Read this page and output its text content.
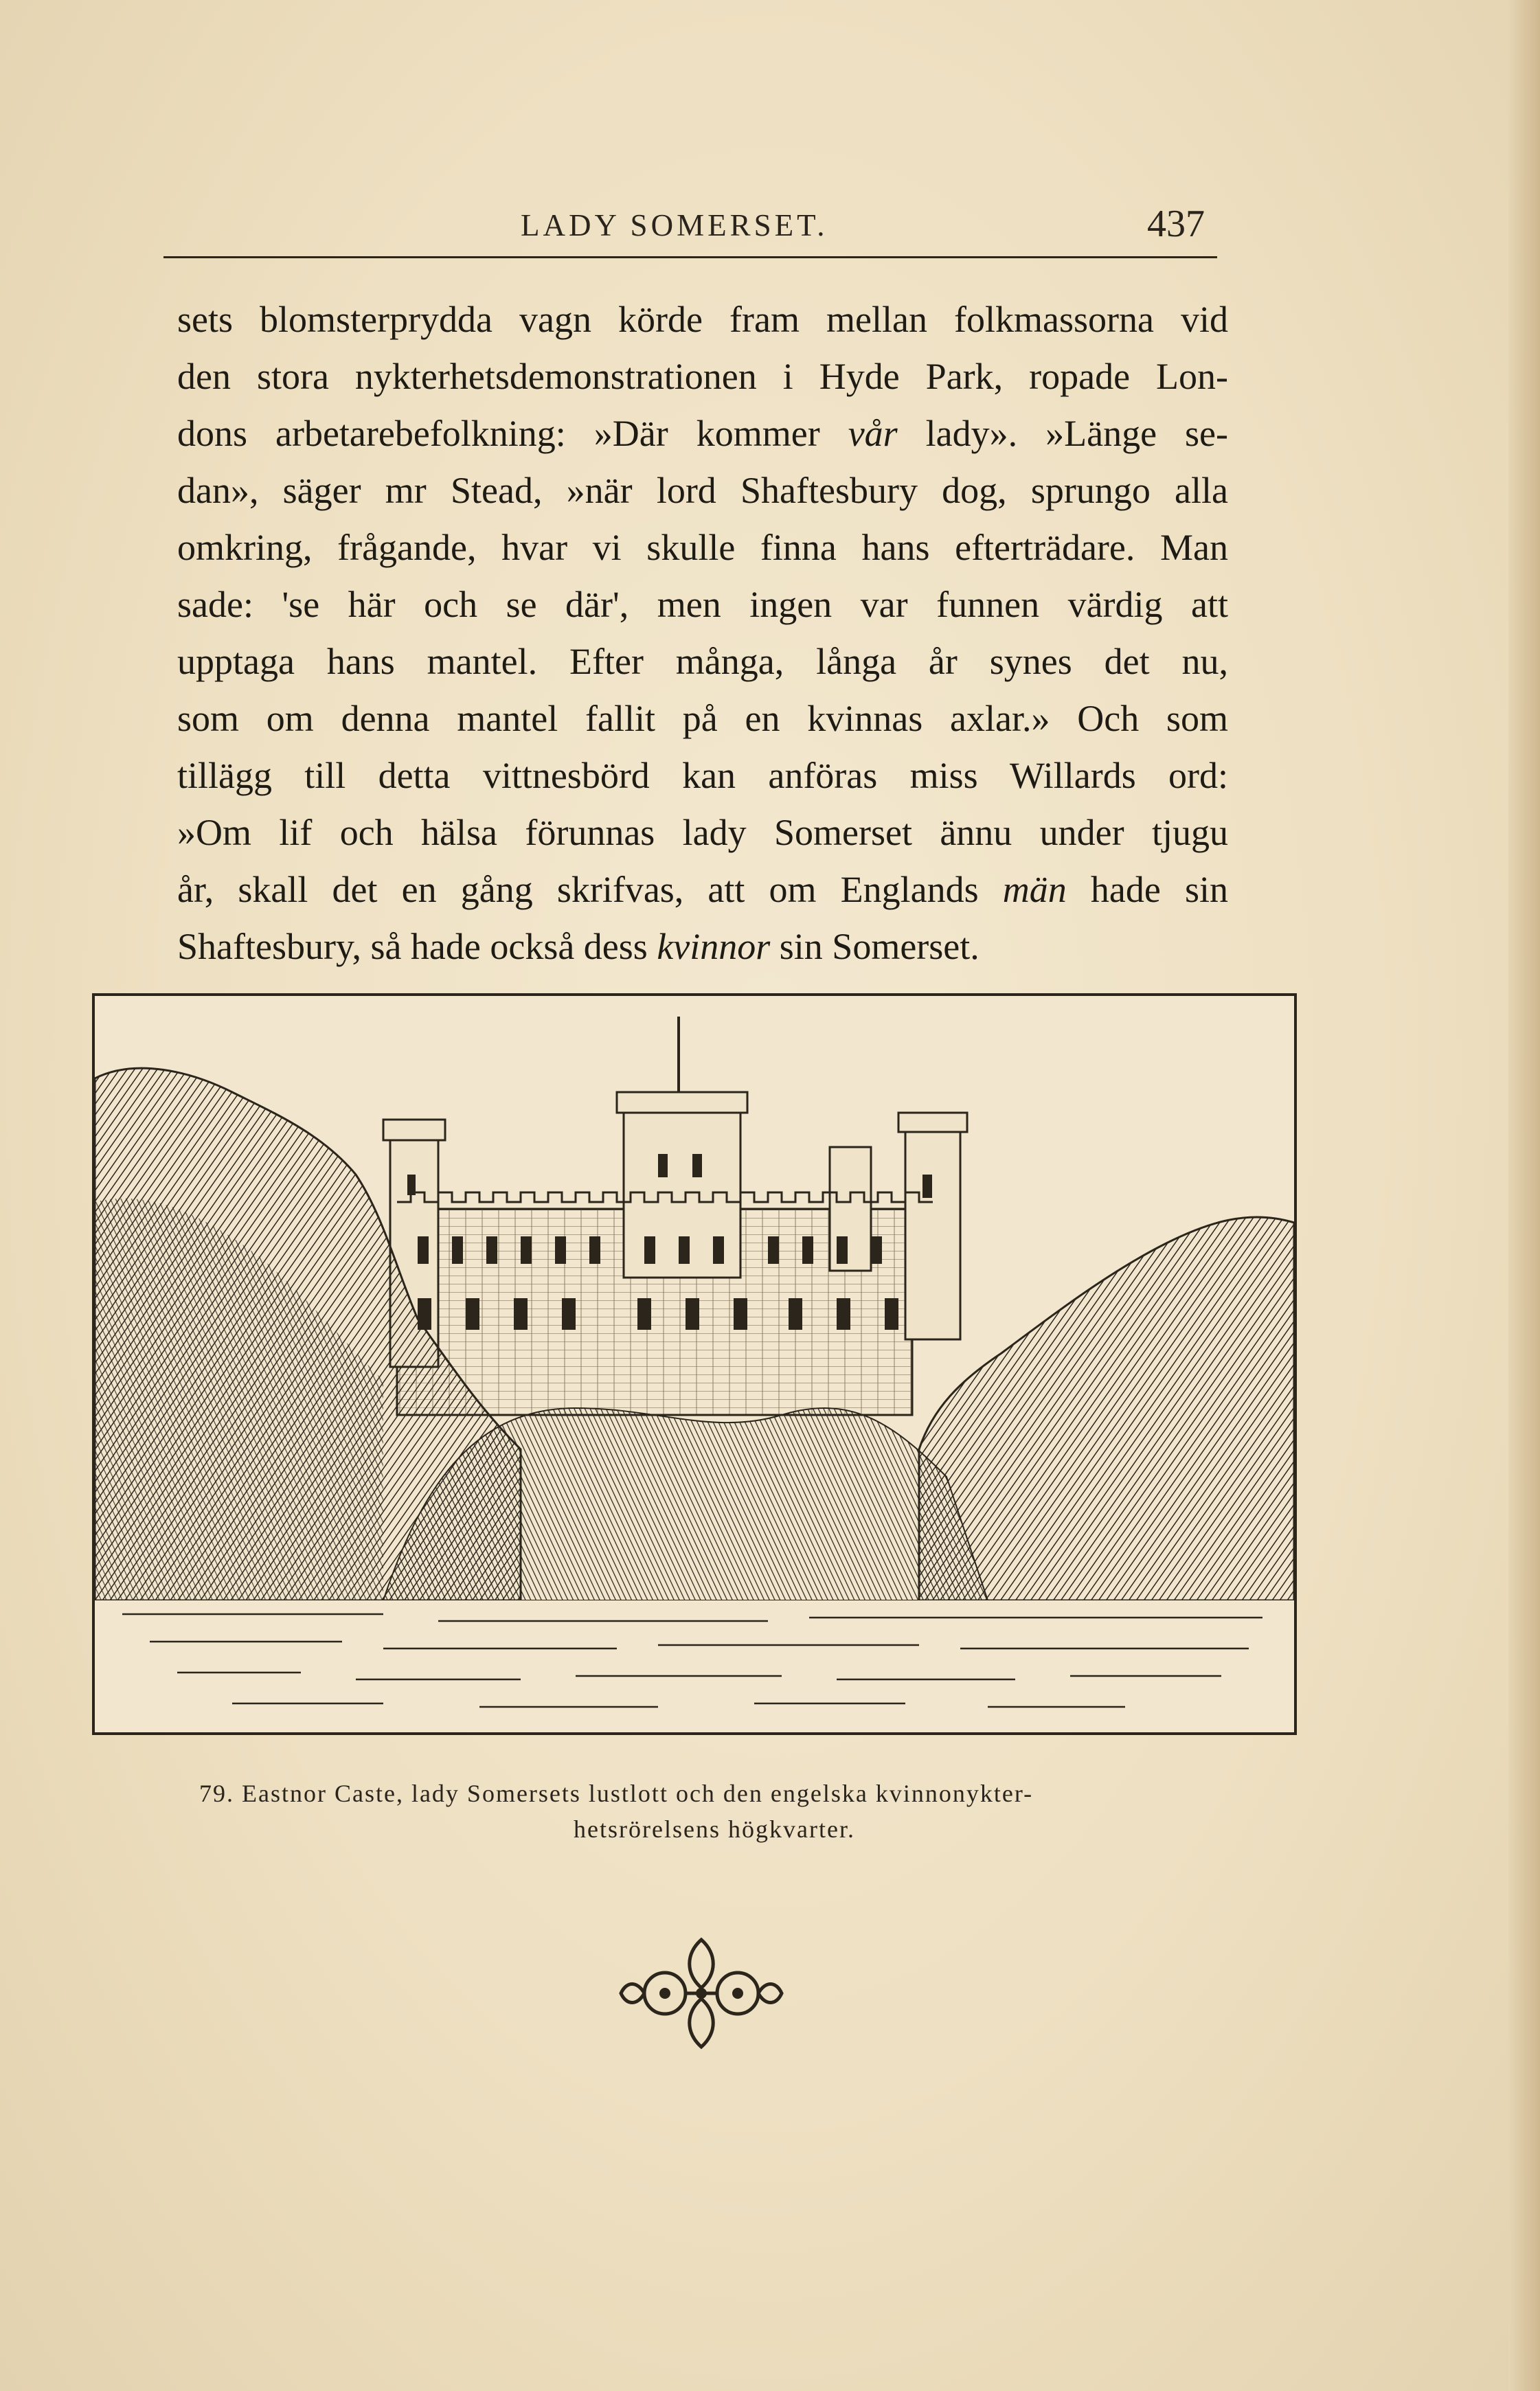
LADY SOMERSET.	437
sets blomsterprydda vagn körde fram mellan folkmassorna vid
den stora nykterhetsdemonstrationen i Hyde Park, ropade Lon-
dons arbetarebefolkning: »Där kommer vår lady». »Länge se-
dan», säger mr Stead, »när lord Shaftesbury dog, sprungo alla
omkring, frågande, hvar vi skulle finna hans efterträdare. Man
sade: 'se här och se där', men ingen var funnen värdig att
upptaga hans mantel. Efter många, långa år synes det nu,
som om denna mantel fallit på en kvinnas axlar.» Och som
tillägg till detta vittnesbörd kan anföras miss Willards ord:
»Om lif och hälsa förunnas lady Somerset ännu under tjugu
år, skall det en gång skrifvas, att om Englands män hade sin
Shaftesbury, så hade också dess kvinnor sin Somerset.
79. Eastnor Caste, lady Somersets lustlott och den engelska kvinnonykter-
hetsrörelsens högkvarter.
